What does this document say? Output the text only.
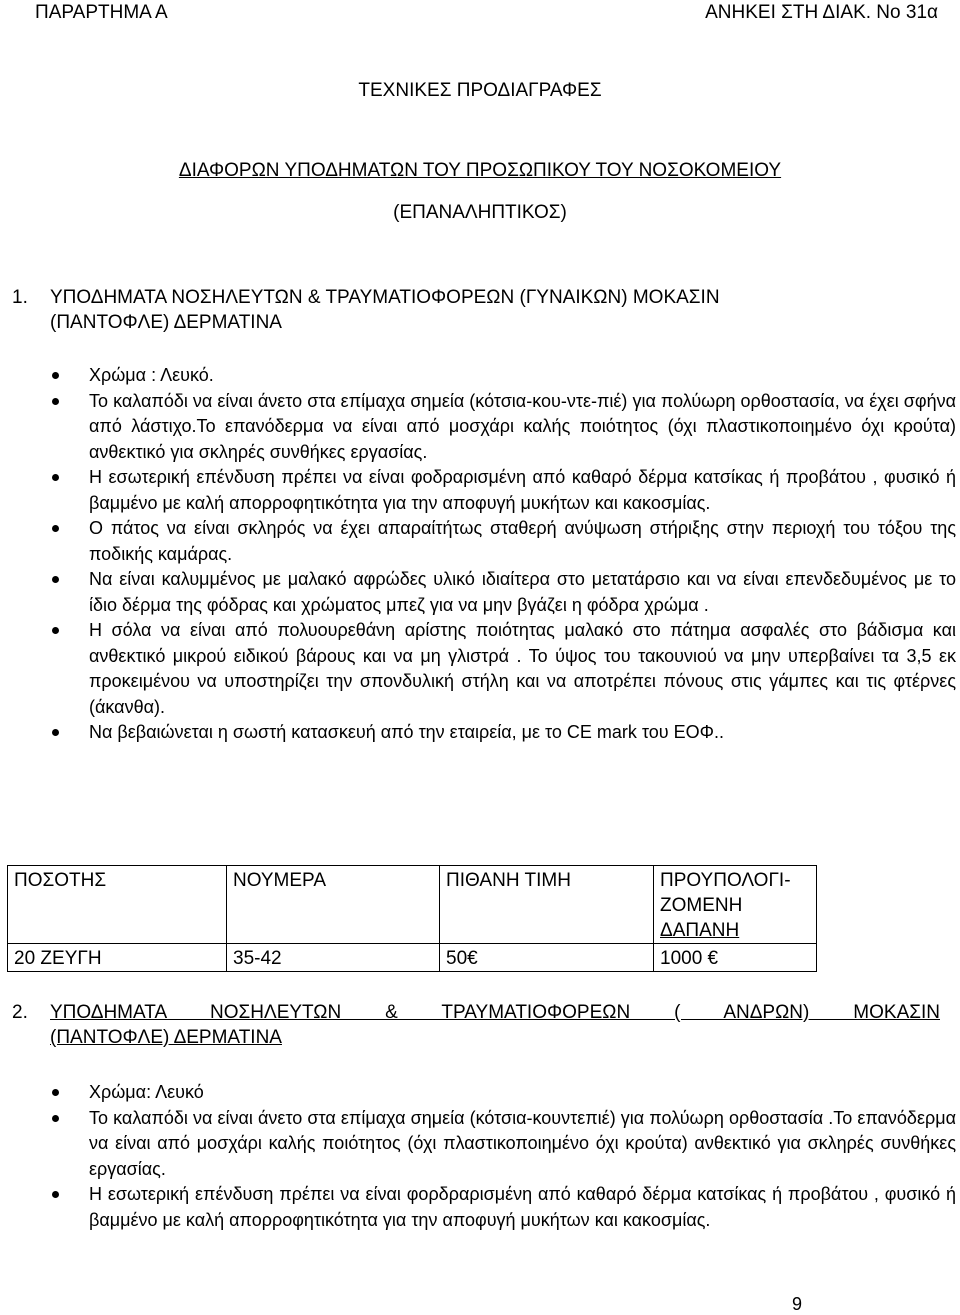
ΠΑΡΑΡΤΗΜΑ Α	ΑΝΗΚΕΙ ΣΤΗ ΔΙΑΚ. Νο 31α
ΤΕΧΝΙΚΕΣ ΠΡΟΔΙΑΓΡΑΦΕΣ
ΔΙΑΦΟΡΩΝ ΥΠΟΔΗΜΑΤΩΝ ΤΟΥ ΠΡΟΣΩΠΙΚΟΥ ΤΟΥ ΝΟΣΟΚΟΜΕΙΟΥ
(ΕΠΑΝΑΛΗΠΤΙΚΟΣ)
1. ΥΠΟΔΗΜΑΤΑ ΝΟΣΗΛΕΥΤΩΝ & ΤΡΑΥΜΑΤΙΟΦΟΡΕΩΝ (ΓΥΝΑΙΚΩΝ) ΜΟΚΑΣΙΝ
(ΠΑΝΤΟΦΛΕ) ΔΕΡΜΑΤΙΝΑ
Χρώμα : Λευκό.
Το καλαπόδι να είναι άνετο στα επίμαχα σημεία (κότσια-κου-ντε-πιέ) για πολύωρη ορθοστασία, να έχει σφήνα από λάστιχο.Το επανόδερμα να είναι από μοσχάρι καλής ποιότητος (όχι πλαστικοποιημένο όχι κρούτα) ανθεκτικό για σκληρές συνθήκες εργασίας.
Η εσωτερική επένδυση πρέπει να είναι φοδραρισμένη από καθαρό δέρμα κατσίκας ή προβάτου , φυσικό ή βαμμένο με καλή απορροφητικότητα για την αποφυγή μυκήτων και κακοσμίας.
Ο πάτος να είναι σκληρός να έχει απαραίτήτως σταθερή ανύψωση στήριξης στην περιοχή του τόξου της ποδικής καμάρας.
Να είναι καλυμμένος με μαλακό αφρώδες υλικό ιδιαίτερα στο μετατάρσιο και να είναι επενδεδυμένος με το ίδιο δέρμα της φόδρας και χρώματος μπεζ για να μην βγάζει η φόδρα χρώμα .
Η σόλα να είναι από πολυουρεθάνη αρίστης ποιότητας μαλακό στο πάτημα ασφαλές στο βάδισμα και ανθεκτικό μικρού ειδικού βάρους και να μη γλιστρά . Το ύψος του τακουνιού να μην υπερβαίνει τα 3,5 εκ προκειμένου να υποστηρίζει την σπονδυλική στήλη και να αποτρέπει πόνους στις γάμπες και τις φτέρνες (άκανθα).
Να βεβαιώνεται η σωστή κατασκευή από την εταιρεία, με το CE mark του ΕΟΦ..
ΠΟΣΟΤΗΣ	ΝΟΥΜΕΡΑ	ΠΙΘΑΝΗ ΤΙΜΗ	ΠΡΟΥΠΟΛΟΓΙ-
ΖΟΜΕΝΗ
ΔΑΠΑΝΗ

20 ΖΕΥΓΗ	35-42	50€	1000 €
2. ΥΠΟΔΗΜΑΤΑ ΝΟΣΗΛΕΥΤΩΝ & ΤΡΑΥΜΑΤΙΟΦΟΡΕΩΝ ( ΑΝΔΡΩΝ) ΜΟΚΑΣΙΝ
(ΠΑΝΤΟΦΛΕ) ΔΕΡΜΑΤΙΝΑ
Χρώμα: Λευκό
Το καλαπόδι να είναι άνετο στα επίμαχα σημεία (κότσια-κουντεπιέ) για πολύωρη ορθοστασία .Το επανόδερμα να είναι από μοσχάρι καλής ποιότητος (όχι πλαστικοποιημένο όχι κρούτα) ανθεκτικό για σκληρές συνθήκες εργασίας.
Η εσωτερική επένδυση πρέπει να είναι φορδραρισμένη από καθαρό δέρμα κατσίκας ή προβάτου , φυσικό ή βαμμένο με καλή απορροφητικότητα για την αποφυγή μυκήτων και κακοσμίας.
9
